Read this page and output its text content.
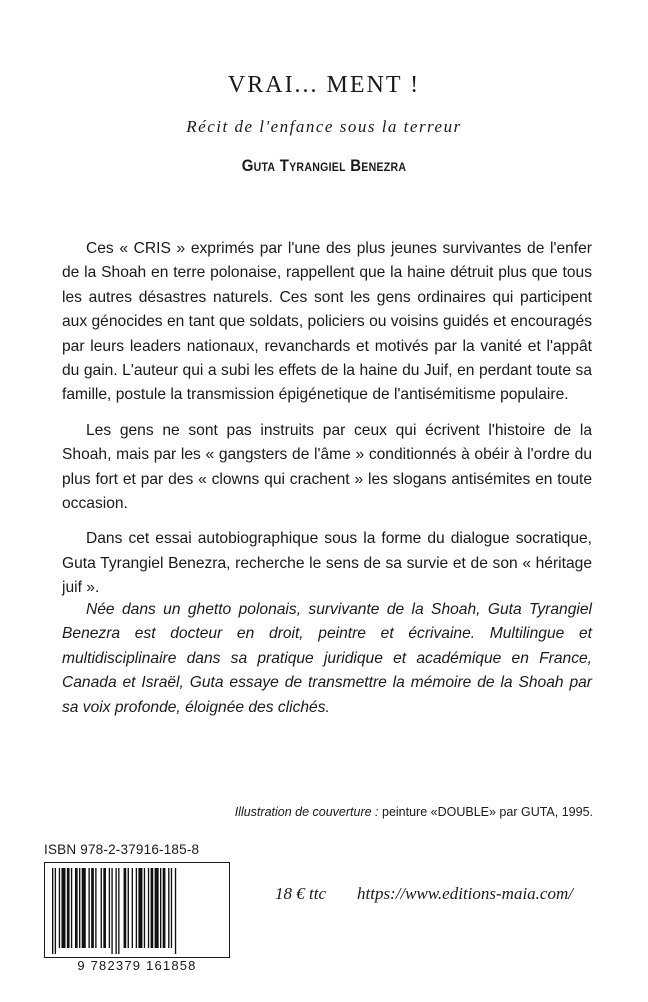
VRAI... MENT !
Récit de l'enfance sous la terreur
Guta Tyrangiel Benezra

Ces « CRIS » exprimés par l'une des plus jeunes survivantes de l'enfer de la Shoah en terre polonaise, rappellent que la haine détruit plus que tous les autres désastres naturels. Ces sont les gens ordinaires qui participent aux génocides en tant que soldats, policiers ou voisins guidés et encouragés par leurs leaders nationaux, revanchards et motivés par la vanité et l'appât du gain. L'auteur qui a subi les effets de la haine du Juif, en perdant toute sa famille, postule la transmission épigénetique de l'antisémitisme populaire.

Les gens ne sont pas instruits par ceux qui écrivent l'histoire de la Shoah, mais par les « gangsters de l'âme » conditionnés à obéir à l'ordre du plus fort et par des « clowns qui crachent » les slogans antisémites en toute occasion.

Dans cet essai autobiographique sous la forme du dialogue socratique, Guta Tyrangiel Benezra, recherche le sens de sa survie et de son « héritage juif ».

Née dans un ghetto polonais, survivante de la Shoah, Guta Tyrangiel Benezra est docteur en droit, peintre et écrivaine. Multilingue et multidisciplinaire dans sa pratique juridique et académique en France, Canada et Israël, Guta essaye de transmettre la mémoire de la Shoah par sa voix profonde, éloignée des clichés.

Illustration de couverture : peinture «DOUBLE» par GUTA, 1995.
ISBN 978-2-37916-185-8
9 782379 161858
18 € ttc https://www.editions-maia.com/
